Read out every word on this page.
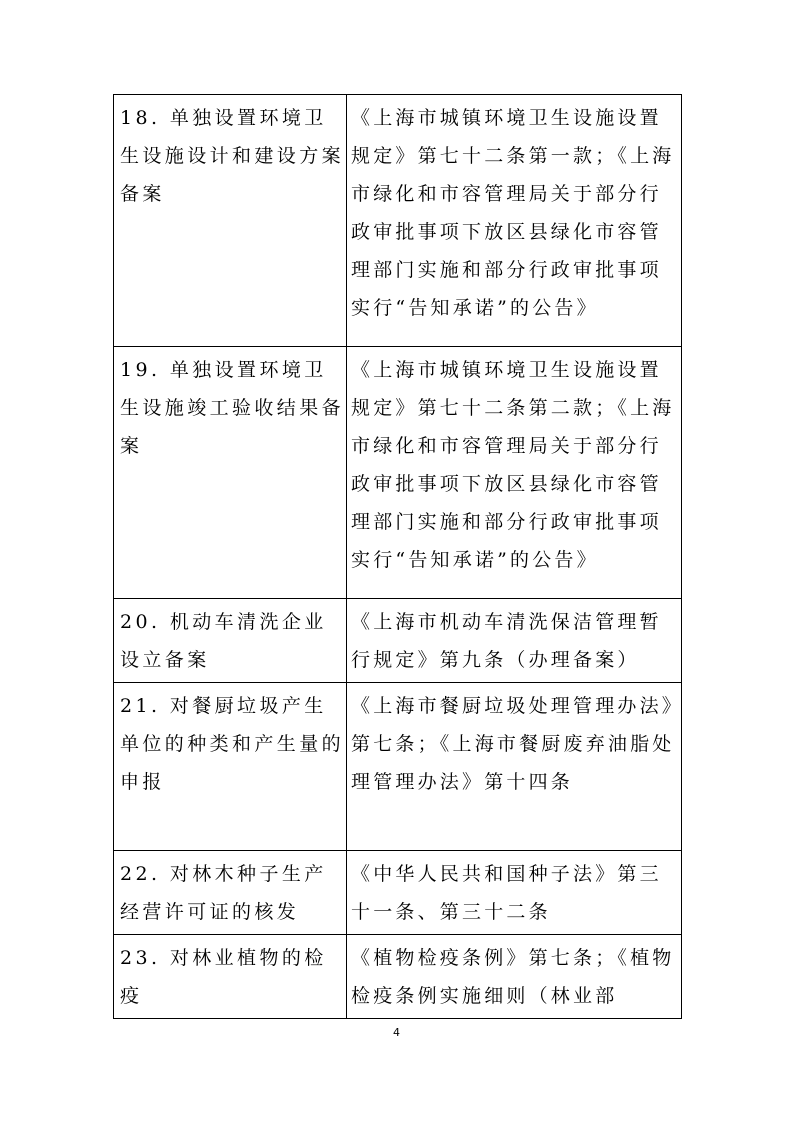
18. 单独设置环境卫生设施设计和建设方案备案	《上海市城镇环境卫生设施设置规定》第七十二条第一款；《上海市绿化和市容管理局关于部分行政审批事项下放区县绿化市容管理部门实施和部分行政审批事项实行“告知承诺”的公告》

19. 单独设置环境卫生设施竣工验收结果备案	《上海市城镇环境卫生设施设置规定》第七十二条第二款；《上海市绿化和市容管理局关于部分行政审批事项下放区县绿化市容管理部门实施和部分行政审批事项实行“告知承诺”的公告》

20. 机动车清洗企业设立备案	《上海市机动车清洗保洁管理暂行规定》第九条（办理备案）

21. 对餐厨垃圾产生单位的种类和产生量的申报	《上海市餐厨垃圾处理管理办法》第七条；《上海市餐厨废弃油脂处理管理办法》第十四条

22. 对林木种子生产经营许可证的核发	《中华人民共和国种子法》第三十一条、第三十二条

23. 对林业植物的检疫	《植物检疫条例》第七条；《植物检疫条例实施细则（林业部
4
